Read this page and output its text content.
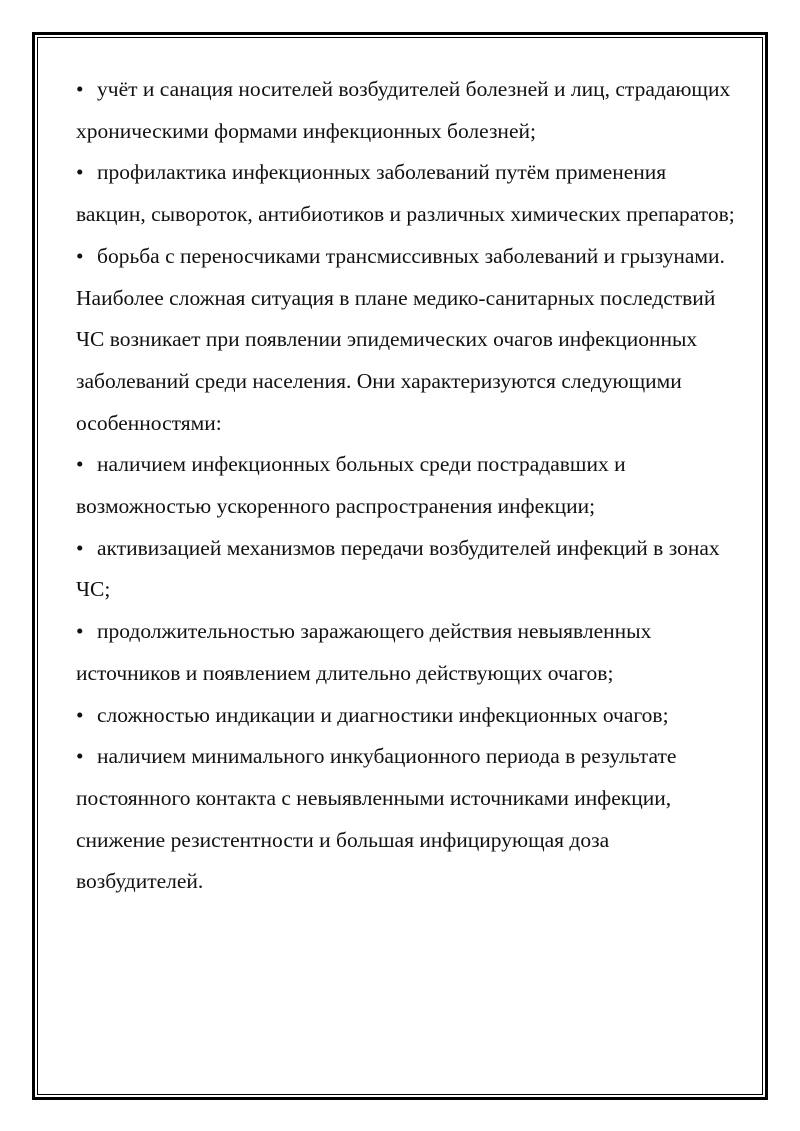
• учёт и санация носителей возбудителей болезней и лиц, страдающих хроническими формами инфекционных болезней;

• профилактика инфекционных заболеваний путём применения вакцин, сывороток, антибиотиков и различных химических препаратов;

• борьба с переносчиками трансмиссивных заболеваний и грызунами.

Наиболее сложная ситуация в плане медико-санитарных последствий ЧС возникает при появлении эпидемических очагов инфекционных заболеваний среди населения. Они характеризуются следующими особенностями:

• наличием инфекционных больных среди пострадавших и возможностью ускоренного распространения инфекции;

• активизацией механизмов передачи возбудителей инфекций в зонах ЧС;

• продолжительностью заражающего действия невыявленных источников и появлением длительно действующих очагов;

• сложностью индикации и диагностики инфекционных очагов;

• наличием минимального инкубационного периода в результате постоянного контакта с невыявленными источниками инфекции, снижение резистентности и большая инфицирующая доза возбудителей.
